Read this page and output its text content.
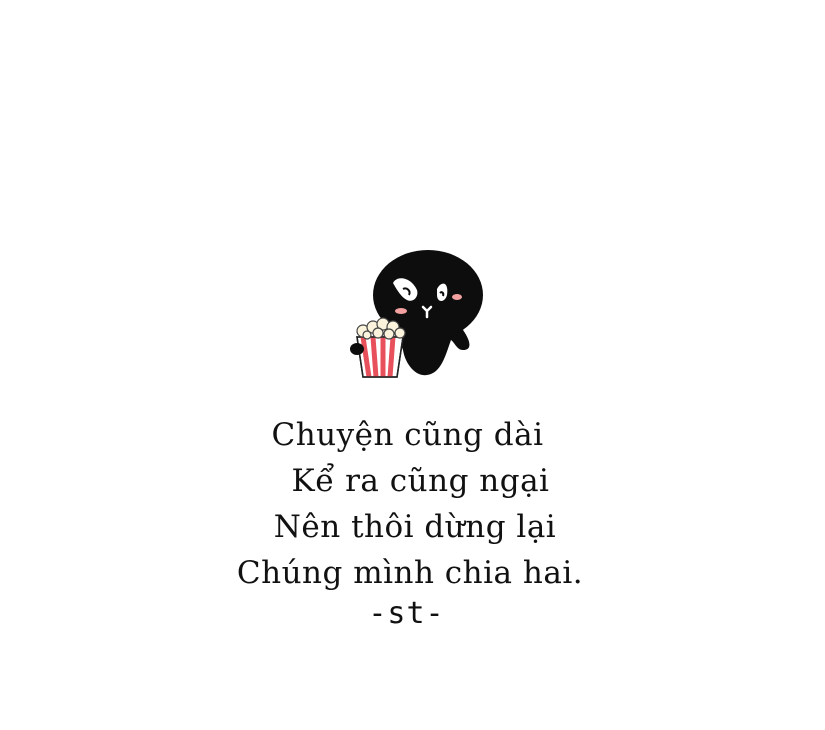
Chuyện cũng dài
Kể ra cũng ngại
Nên thôi dừng lại
Chúng mình chia hai.
-st-
